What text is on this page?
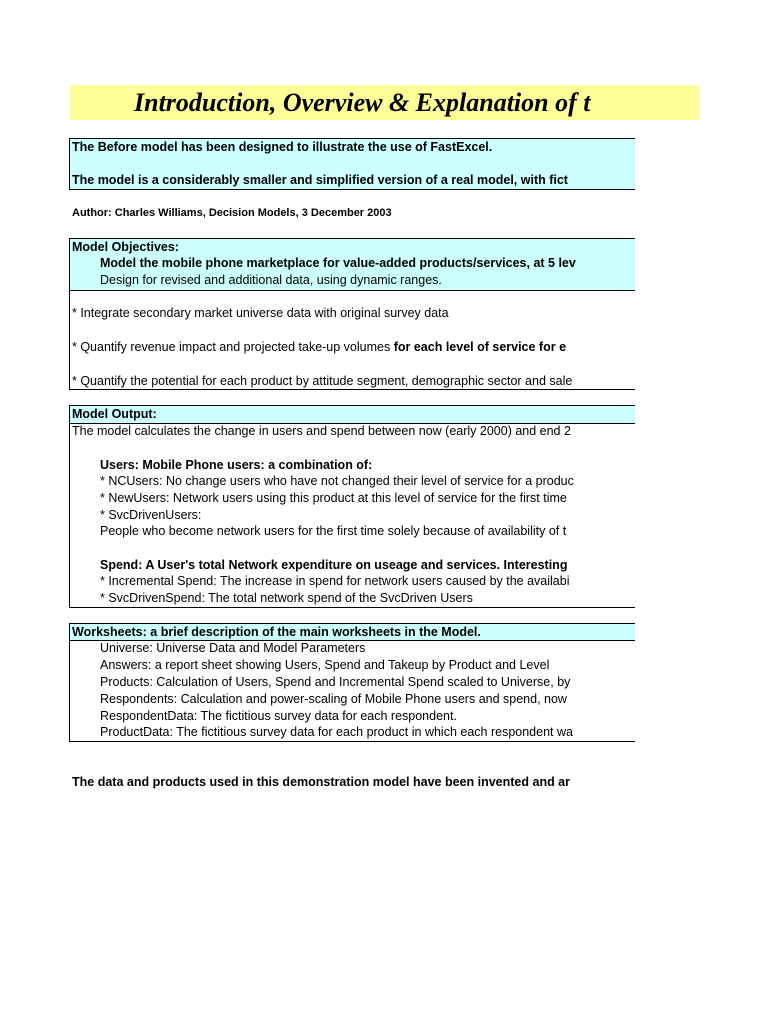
Introduction, Overview & Explanation of t
The Before model has been designed to illustrate the use of FastExcel.
The model is a considerably smaller and simplified version of a real model, with fict
Author: Charles Williams, Decision Models, 3 December 2003
Model Objectives:
Model the mobile phone marketplace for value-added products/services, at 5 lev
Design for revised and additional data, using dynamic ranges.
* Integrate secondary market universe data with original survey data
* Quantify revenue impact and projected take-up volumes for each level of service for e
* Quantify the potential for each product by attitude segment, demographic sector and sale
Model Output:
The model calculates the change in users and spend between now (early 2000) and end 2
Users: Mobile Phone users: a combination of:
* NCUsers: No change users who have not changed their level of service for a produc
* NewUsers: Network users using this product at this level of service for the first time
* SvcDrivenUsers:
People who become network users for the first time solely because of availability of t
Spend: A User's total Network expenditure on useage and services. Interesting
* Incremental Spend: The increase in spend for network users caused by the availabi
* SvcDrivenSpend: The total network spend of the SvcDriven Users
Worksheets: a brief description of the main worksheets in the Model.
Universe: Universe Data and Model Parameters
Answers: a report sheet showing Users, Spend and Takeup by Product and Level
Products: Calculation of Users, Spend and Incremental Spend scaled to Universe, by
Respondents: Calculation and power-scaling of Mobile Phone users and spend, now
RespondentData: The fictitious survey data for each respondent.
ProductData: The fictitious survey data for each product in which each respondent wa
The data and products used in this demonstration model have been invented and ar
